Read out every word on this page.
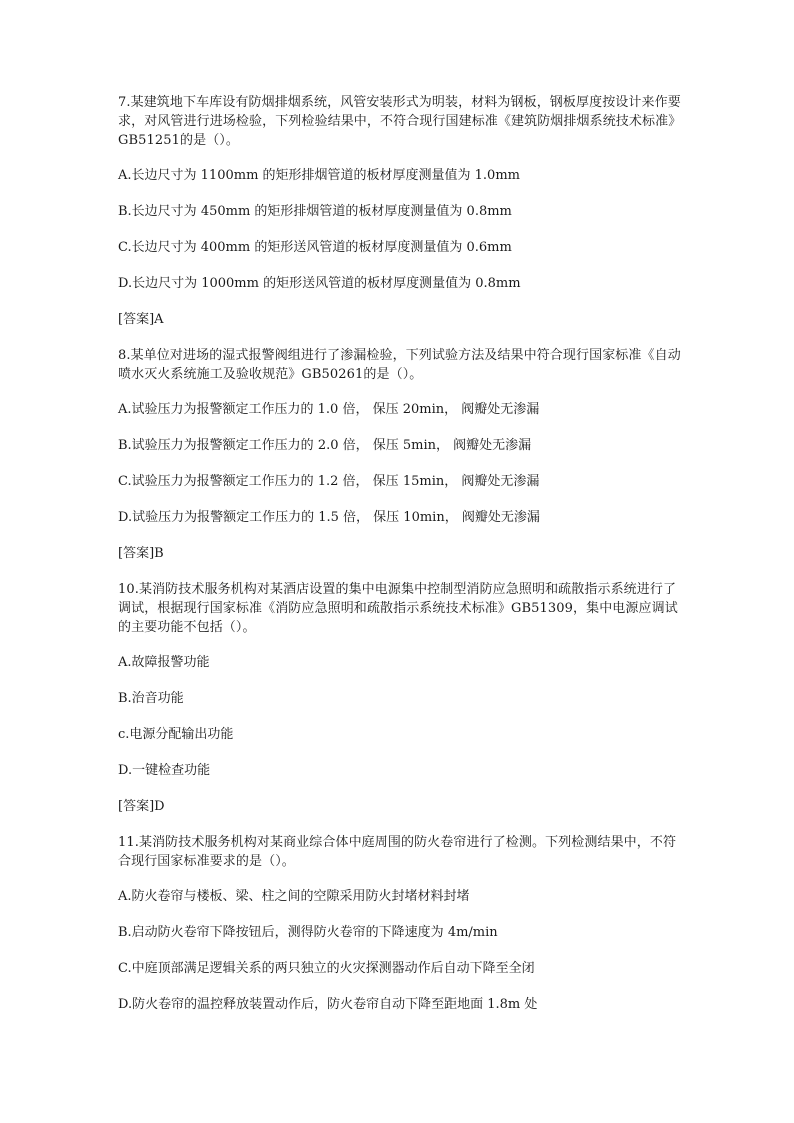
7.某建筑地下车库设有防烟排烟系统，风管安装形式为明装，材料为钢板，钢板厚度按设计来作要求，对风管进行进场检验，下列检验结果中，不符合现行国建标准《建筑防烟排烟系统技术标准》GB51251的是（）。

A.长边尺寸为 1100mm 的矩形排烟管道的板材厚度测量值为 1.0mm

B.长边尺寸为 450mm 的矩形排烟管道的板材厚度测量值为 0.8mm

C.长边尺寸为 400mm 的矩形送风管道的板材厚度测量值为 0.6mm

D.长边尺寸为 1000mm 的矩形送风管道的板材厚度测量值为 0.8mm

[答案]A

8.某单位对进场的湿式报警阀组进行了渗漏检验，下列试验方法及结果中符合现行国家标准《自动喷水灭火系统施工及验收规范》GB50261的是（）。

A.试验压力为报警额定工作压力的 1.0 倍， 保压 20min， 阀瓣处无渗漏

B.试验压力为报警额定工作压力的 2.0 倍， 保压 5min， 阀瓣处无渗漏

C.试验压力为报警额定工作压力的 1.2 倍， 保压 15min， 阀瓣处无渗漏

D.试验压力为报警额定工作压力的 1.5 倍， 保压 10min， 阀瓣处无渗漏

[答案]B

10.某消防技术服务机构对某酒店设置的集中电源集中控制型消防应急照明和疏散指示系统进行了调试，根据现行国家标准《消防应急照明和疏散指示系统技术标准》GB51309，集中电源应调试的主要功能不包括（）。

A.故障报警功能

B.治音功能

c.电源分配输出功能

D.一键检查功能

[答案]D

11.某消防技术服务机构对某商业综合体中庭周围的防火卷帘进行了检测。下列检测结果中，不符合现行国家标准要求的是（）。

A.防火卷帘与楼板、梁、柱之间的空隙采用防火封堵材料封堵

B.启动防火卷帘下降按钮后，测得防火卷帘的下降速度为 4m/min

C.中庭顶部满足逻辑关系的两只独立的火灾探测器动作后自动下降至全闭

D.防火卷帘的温控释放装置动作后，防火卷帘自动下降至距地面 1.8m 处
